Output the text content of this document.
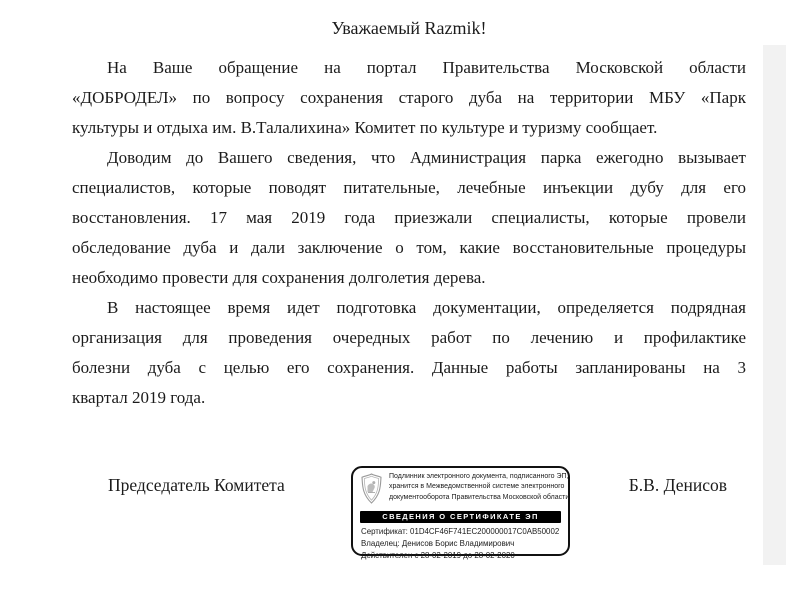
Уважаемый Razmik!
На Ваше обращение на портал Правительства Московской области
«ДОБРОДЕЛ» по вопросу сохранения старого дуба на территории МБУ «Парк
культуры и отдыха им. В.Талалихина» Комитет по культуре и туризму сообщает.
Доводим до Вашего сведения, что Администрация парка ежегодно вызывает
специалистов, которые поводят питательные, лечебные инъекции дубу для его
восстановления. 17 мая 2019 года приезжали специалисты, которые провели
обследование дуба и дали заключение о том, какие восстановительные процедуры
необходимо провести для сохранения долголетия дерева.
В настоящее время идет подготовка документации, определяется подрядная
организация для проведения очередных работ по лечению и профилактике
болезни дуба с целью его сохранения. Данные работы запланированы на 3
квартал 2019 года.
Председатель Комитета	Б.В. Денисов
Подлинник электронного документа, подписанного ЭП,
хранится в Межведомственной системе электронного
документооборота Правительства Московской области
СВЕДЕНИЯ О СЕРТИФИКАТЕ ЭП
Сертификат: 01D4CF46F741EC200000017C0AB50002
Владелец: Денисов Борис Владимирович
Действителен с 28-02-2019 до 28-02-2020
